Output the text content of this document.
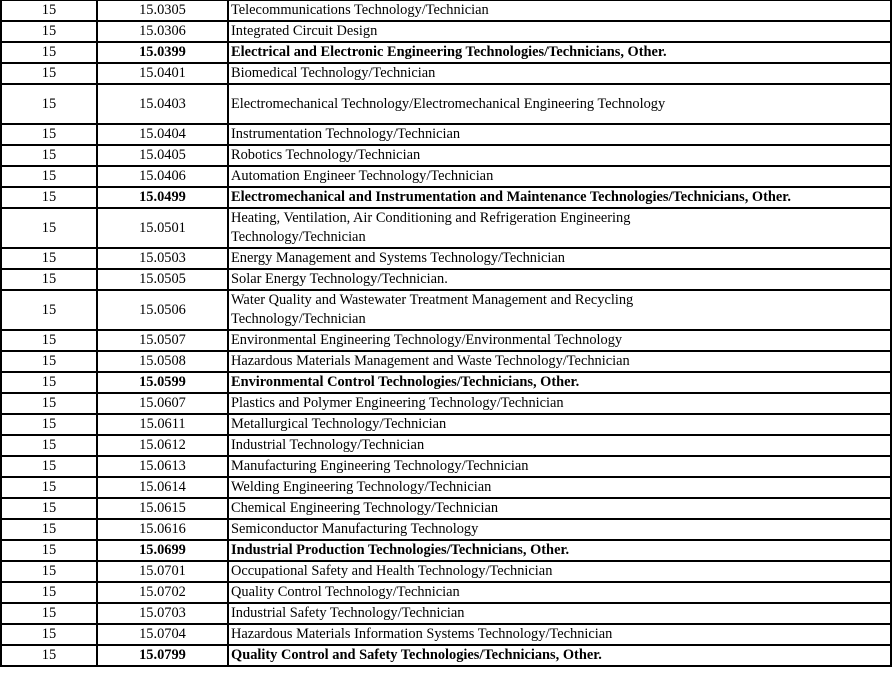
15	15.0305	Telecommunications Technology/Technician

15	15.0306	Integrated Circuit Design

15	15.0399	Electrical and Electronic Engineering Technologies/Technicians, Other.

15	15.0401	Biomedical Technology/Technician

15	15.0403	Electromechanical Technology/Electromechanical Engineering Technology

15	15.0404	Instrumentation Technology/Technician

15	15.0405	Robotics Technology/Technician

15	15.0406	Automation Engineer Technology/Technician

15	15.0499	Electromechanical and Instrumentation and Maintenance Technologies/Technicians, Other.

15	15.0501	Heating, Ventilation, Air Conditioning and Refrigeration Engineering Technology/Technician

15	15.0503	Energy Management and Systems Technology/Technician

15	15.0505	Solar Energy Technology/Technician.

15	15.0506	Water Quality and Wastewater Treatment Management and Recycling Technology/Technician

15	15.0507	Environmental Engineering Technology/Environmental Technology

15	15.0508	Hazardous Materials Management and Waste Technology/Technician

15	15.0599	Environmental Control Technologies/Technicians, Other.

15	15.0607	Plastics and Polymer Engineering Technology/Technician

15	15.0611	Metallurgical Technology/Technician

15	15.0612	Industrial Technology/Technician

15	15.0613	Manufacturing Engineering Technology/Technician

15	15.0614	Welding Engineering Technology/Technician

15	15.0615	Chemical Engineering Technology/Technician

15	15.0616	Semiconductor Manufacturing Technology

15	15.0699	Industrial Production Technologies/Technicians, Other.

15	15.0701	Occupational Safety and Health Technology/Technician

15	15.0702	Quality Control Technology/Technician

15	15.0703	Industrial Safety Technology/Technician

15	15.0704	Hazardous Materials Information Systems Technology/Technician

15	15.0799	Quality Control and Safety Technologies/Technicians, Other.
